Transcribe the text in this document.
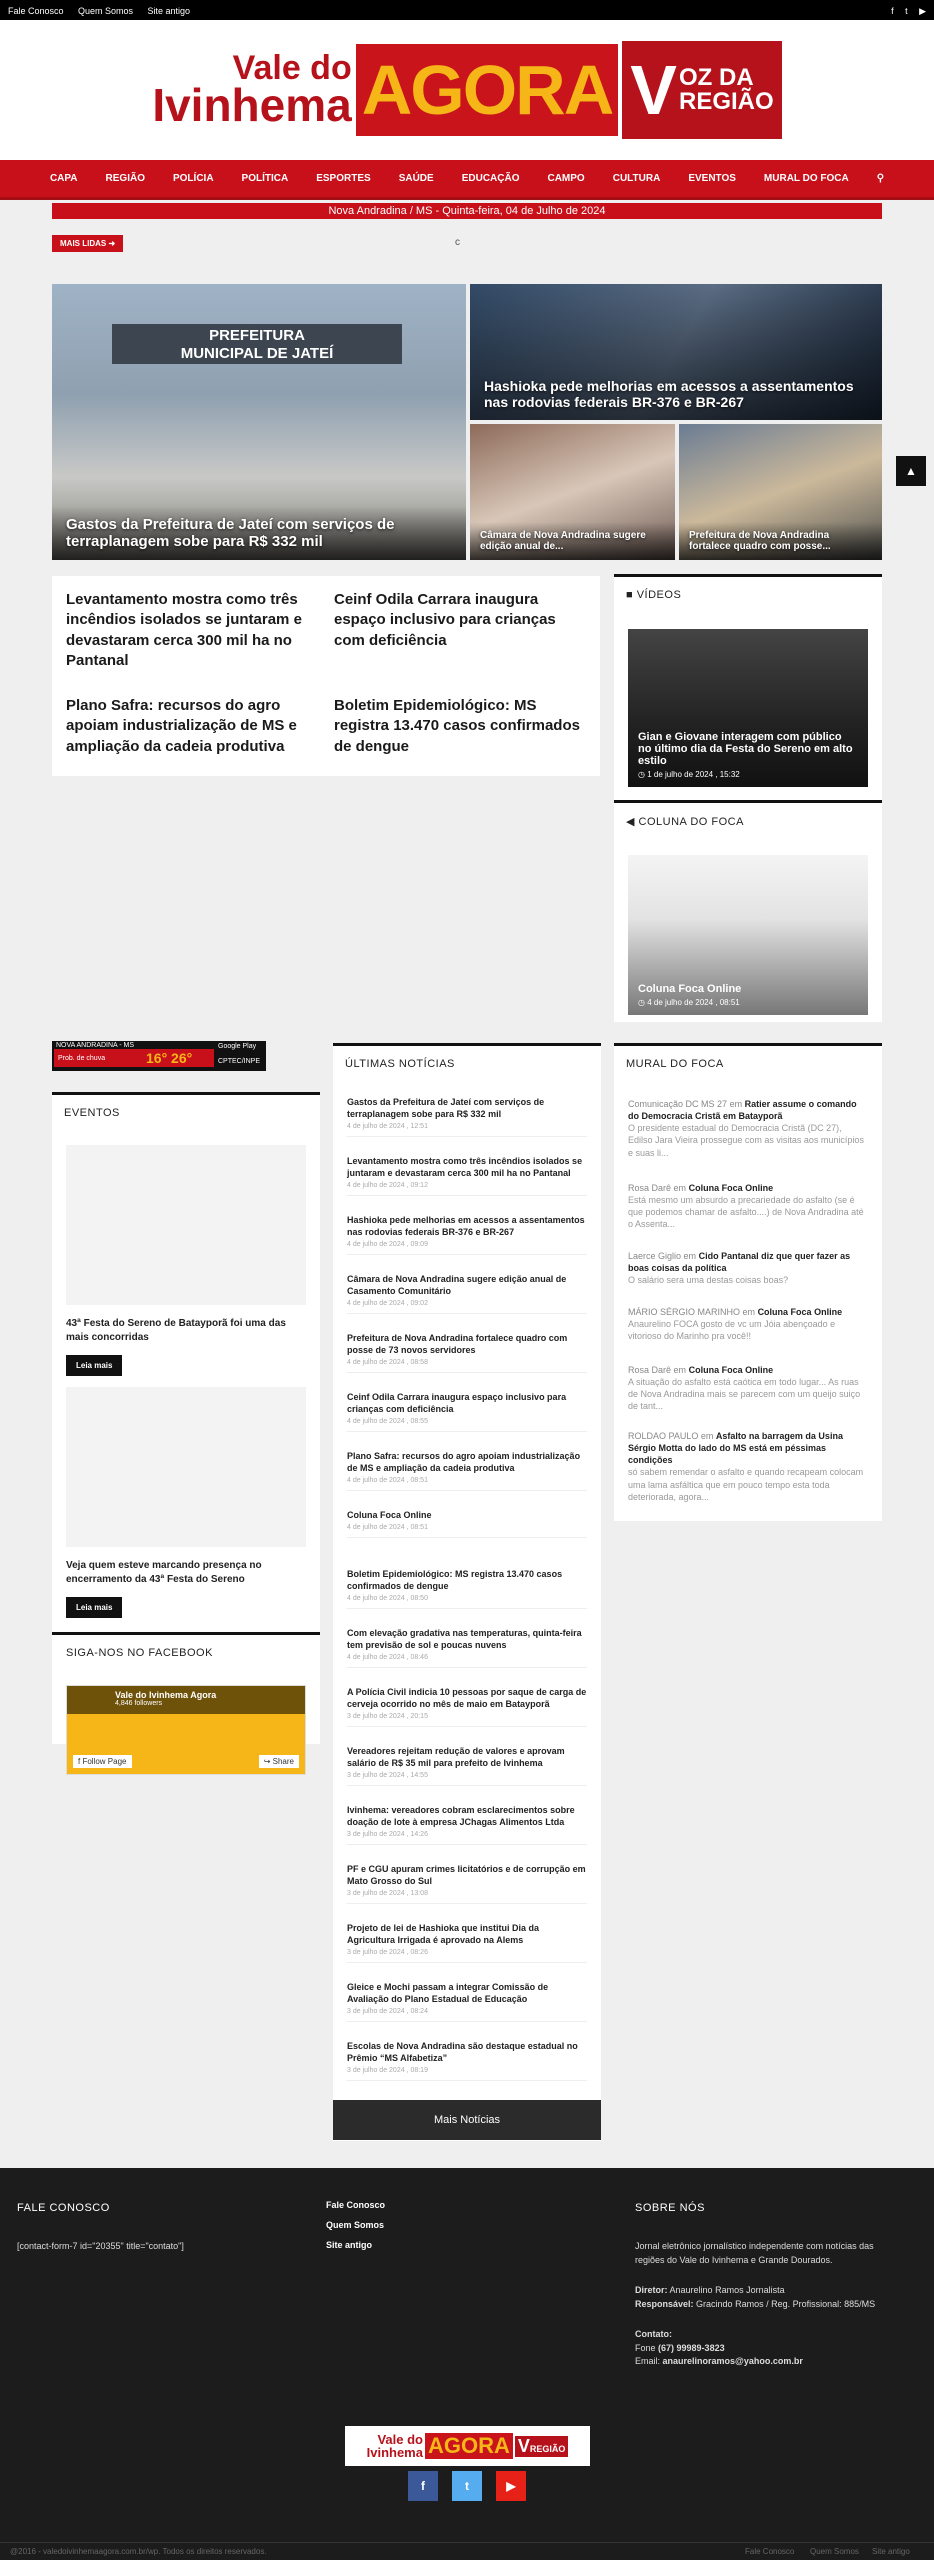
Fale Conosco Quem Somos Site antigo	f t ▶
Vale do
Ivinhema AGORA V OZ DA
REGIÃO
CAPA	REGIÃO	POLÍCIA	POLÍTICA	ESPORTES	SAÚDE	EDUCAÇÃO	CAMPO	CULTURA	EVENTOS	MURAL DO FOCA	⚲
Nova Andradina / MS - Quinta-feira, 04 de Julho de 2024
MAIS LIDAS ➜	c
PREFEITURA
MUNICIPAL DE JATEÍ
Gastos da Prefeitura de Jateí com serviços de terraplanagem sobe para R$ 332 mil
Hashioka pede melhorias em acessos a assentamentos nas rodovias federais BR-376 e BR-267
Câmara de Nova Andradina sugere edição anual de...
Prefeitura de Nova Andradina fortalece quadro com posse...
▲
Levantamento mostra como três incêndios isolados se juntaram e devastaram cerca 300 mil ha no Pantanal
Ceinf Odila Carrara inaugura espaço inclusivo para crianças com deficiência
Plano Safra: recursos do agro apoiam industrialização de MS e ampliação da cadeia produtiva
Boletim Epidemiológico: MS registra 13.470 casos confirmados de dengue
■ VÍDEOS
Gian e Giovane interagem com público no último dia da Festa do Sereno em alto estilo
◷ 1 de julho de 2024 , 15:32
◀ COLUNA DO FOCA
Coluna Foca Online
◷ 4 de julho de 2024 , 08:51
NOVA ANDRADINA - MS
Prob. de chuva	16° 26°
Google Play
CPTEC/INPE
EVENTOS
43ª Festa do Sereno de Batayporã foi uma das mais concorridas
Leia mais
Veja quem esteve marcando presença no encerramento da 43ª Festa do Sereno
Leia mais
SIGA-NOS NO FACEBOOK
Vale do Ivinhema Agora
4,846 followers
f Follow Page	↪ Share
ÚLTIMAS NOTÍCIAS
Gastos da Prefeitura de Jateí com serviços de terraplanagem sobe para R$ 332 mil
4 de julho de 2024 , 12:51
Levantamento mostra como três incêndios isolados se juntaram e devastaram cerca 300 mil ha no Pantanal
4 de julho de 2024 , 09:12
Hashioka pede melhorias em acessos a assentamentos nas rodovias federais BR-376 e BR-267
4 de julho de 2024 , 09:09
Câmara de Nova Andradina sugere edição anual de Casamento Comunitário
4 de julho de 2024 , 09:02
Prefeitura de Nova Andradina fortalece quadro com posse de 73 novos servidores
4 de julho de 2024 , 08:58
Ceinf Odila Carrara inaugura espaço inclusivo para crianças com deficiência
4 de julho de 2024 , 08:55
Plano Safra: recursos do agro apoiam industrialização de MS e ampliação da cadeia produtiva
4 de julho de 2024 , 08:51
Coluna Foca Online
4 de julho de 2024 , 08:51
Boletim Epidemiológico: MS registra 13.470 casos confirmados de dengue
4 de julho de 2024 , 08:50
Com elevação gradativa nas temperaturas, quinta-feira tem previsão de sol e poucas nuvens
4 de julho de 2024 , 08:46
A Polícia Civil indicia 10 pessoas por saque de carga de cerveja ocorrido no mês de maio em Batayporã
3 de julho de 2024 , 20:15
Vereadores rejeitam redução de valores e aprovam salário de R$ 35 mil para prefeito de Ivinhema
3 de julho de 2024 , 14:55
Ivinhema: vereadores cobram esclarecimentos sobre doação de lote à empresa JChagas Alimentos Ltda
3 de julho de 2024 , 14:26
PF e CGU apuram crimes licitatórios e de corrupção em Mato Grosso do Sul
3 de julho de 2024 , 13:08
Projeto de lei de Hashioka que institui Dia da Agricultura Irrigada é aprovado na Alems
3 de julho de 2024 , 08:26
Gleice e Mochi passam a integrar Comissão de Avaliação do Plano Estadual de Educação
3 de julho de 2024 , 08:24
Escolas de Nova Andradina são destaque estadual no Prêmio “MS Alfabetiza”
3 de julho de 2024 , 08:19
Mais Notícias
MURAL DO FOCA
Comunicação DC MS 27 em Ratier assume o comando do Democracia Cristã em Batayporã
O presidente estadual do Democracia Cristã (DC 27), Edilso Jara Vieira prossegue com as visitas aos municípios e suas li...
Rosa Darê em Coluna Foca Online
Está mesmo um absurdo a precariedade do asfalto (se é que podemos chamar de asfalto....) de Nova Andradina até o Assenta...
Laerce Giglio em Cido Pantanal diz que quer fazer as boas coisas da política
O salário sera uma destas coisas boas?
MÁRIO SÉRGIO MARINHO em Coluna Foca Online
Anaurelino FOCA gosto de vc um Jóia abençoado e vitorioso do Marinho pra você!!
Rosa Darê em Coluna Foca Online
A situação do asfalto está caótica em todo lugar... As ruas de Nova Andradina mais se parecem com um queijo suiço de tant...
ROLDAO PAULO em Asfalto na barragem da Usina Sérgio Motta do lado do MS está em péssimas condições
só sabem remendar o asfalto e quando recapeam colocam uma lama asfáltica que em pouco tempo esta toda deteriorada, agora...
FALE CONOSCO
[contact-form-7 id="20355" title="contato"]
Fale Conosco
Quem Somos
Site antigo
SOBRE NÓS
Jornal eletrônico jornalístico independente com notícias das regiões do Vale do Ivinhema e Grande Dourados.
Diretor: Anaurelino Ramos Jornalista
Responsável: Gracindo Ramos / Reg. Profissional: 885/MS
Contato:
Fone (67) 99989-3823
Email: anaurelinoramos@yahoo.com.br
Vale do
Ivinhema AGORA VREGIÃO
f	t	▶
@2016 - valedoivinhemaagora.com.br/wp. Todos os direitos reservados.	Fale Conosco Quem Somos Site antigo
